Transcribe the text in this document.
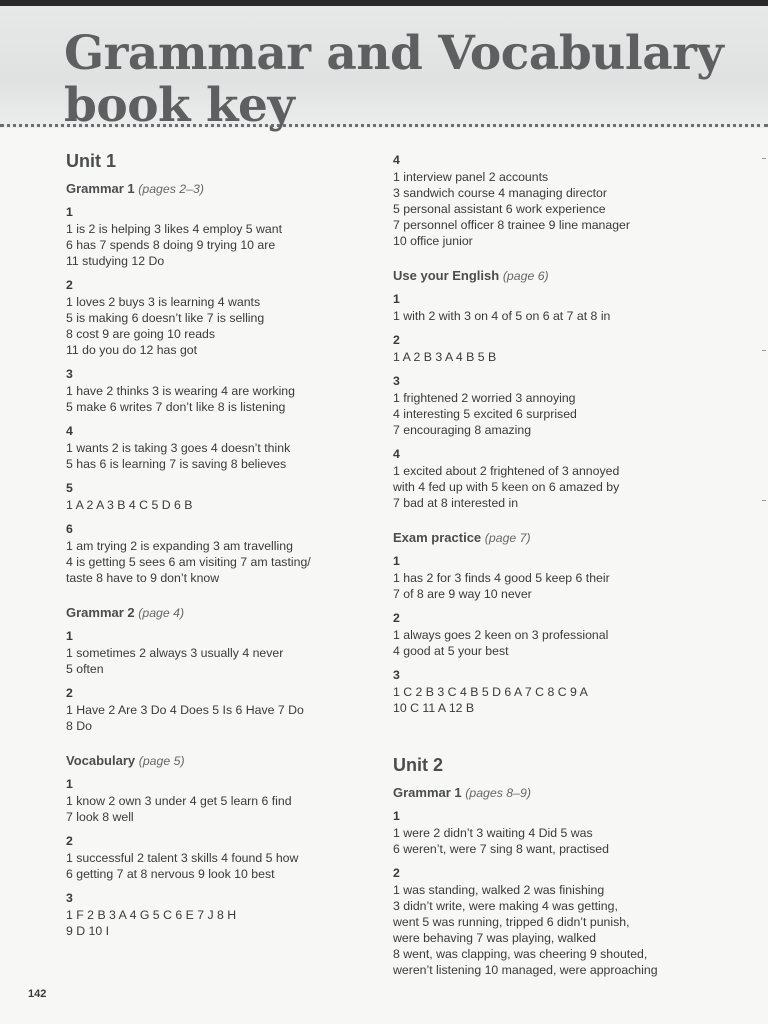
Grammar and Vocabulary
book key
Unit 1
Grammar 1 (pages 2–3)
1
1 is 2 is helping 3 likes 4 employ 5 want
6 has 7 spends 8 doing 9 trying 10 are
11 studying 12 Do
2
1 loves 2 buys 3 is learning 4 wants
5 is making 6 doesn’t like 7 is selling
8 cost 9 are going 10 reads
11 do you do 12 has got
3
1 have 2 thinks 3 is wearing 4 are working
5 make 6 writes 7 don’t like 8 is listening
4
1 wants 2 is taking 3 goes 4 doesn’t think
5 has 6 is learning 7 is saving 8 believes
5
1 A 2 A 3 B 4 C 5 D 6 B
6
1 am trying 2 is expanding 3 am travelling
4 is getting 5 sees 6 am visiting 7 am tasting/
taste 8 have to 9 don’t know
Grammar 2 (page 4)
1
1 sometimes 2 always 3 usually 4 never
5 often
2
1 Have 2 Are 3 Do 4 Does 5 Is 6 Have 7 Do
8 Do
Vocabulary (page 5)
1
1 know 2 own 3 under 4 get 5 learn 6 find
7 look 8 well
2
1 successful 2 talent 3 skills 4 found 5 how
6 getting 7 at 8 nervous 9 look 10 best
3
1 F 2 B 3 A 4 G 5 C 6 E 7 J 8 H
9 D 10 I
4
1 interview panel 2 accounts
3 sandwich course 4 managing director
5 personal assistant 6 work experience
7 personnel officer 8 trainee 9 line manager
10 office junior
Use your English (page 6)
1
1 with 2 with 3 on 4 of 5 on 6 at 7 at 8 in
2
1 A 2 B 3 A 4 B 5 B
3
1 frightened 2 worried 3 annoying
4 interesting 5 excited 6 surprised
7 encouraging 8 amazing
4
1 excited about 2 frightened of 3 annoyed
with 4 fed up with 5 keen on 6 amazed by
7 bad at 8 interested in
Exam practice (page 7)
1
1 has 2 for 3 finds 4 good 5 keep 6 their
7 of 8 are 9 way 10 never
2
1 always goes 2 keen on 3 professional
4 good at 5 your best
3
1 C 2 B 3 C 4 B 5 D 6 A 7 C 8 C 9 A
10 C 11 A 12 B
Unit 2
Grammar 1 (pages 8–9)
1
1 were 2 didn’t 3 waiting 4 Did 5 was
6 weren’t, were 7 sing 8 want, practised
2
1 was standing, walked 2 was finishing
3 didn’t write, were making 4 was getting,
went 5 was running, tripped 6 didn’t punish,
were behaving 7 was playing, walked
8 went, was clapping, was cheering 9 shouted,
weren’t listening 10 managed, were approaching
142
